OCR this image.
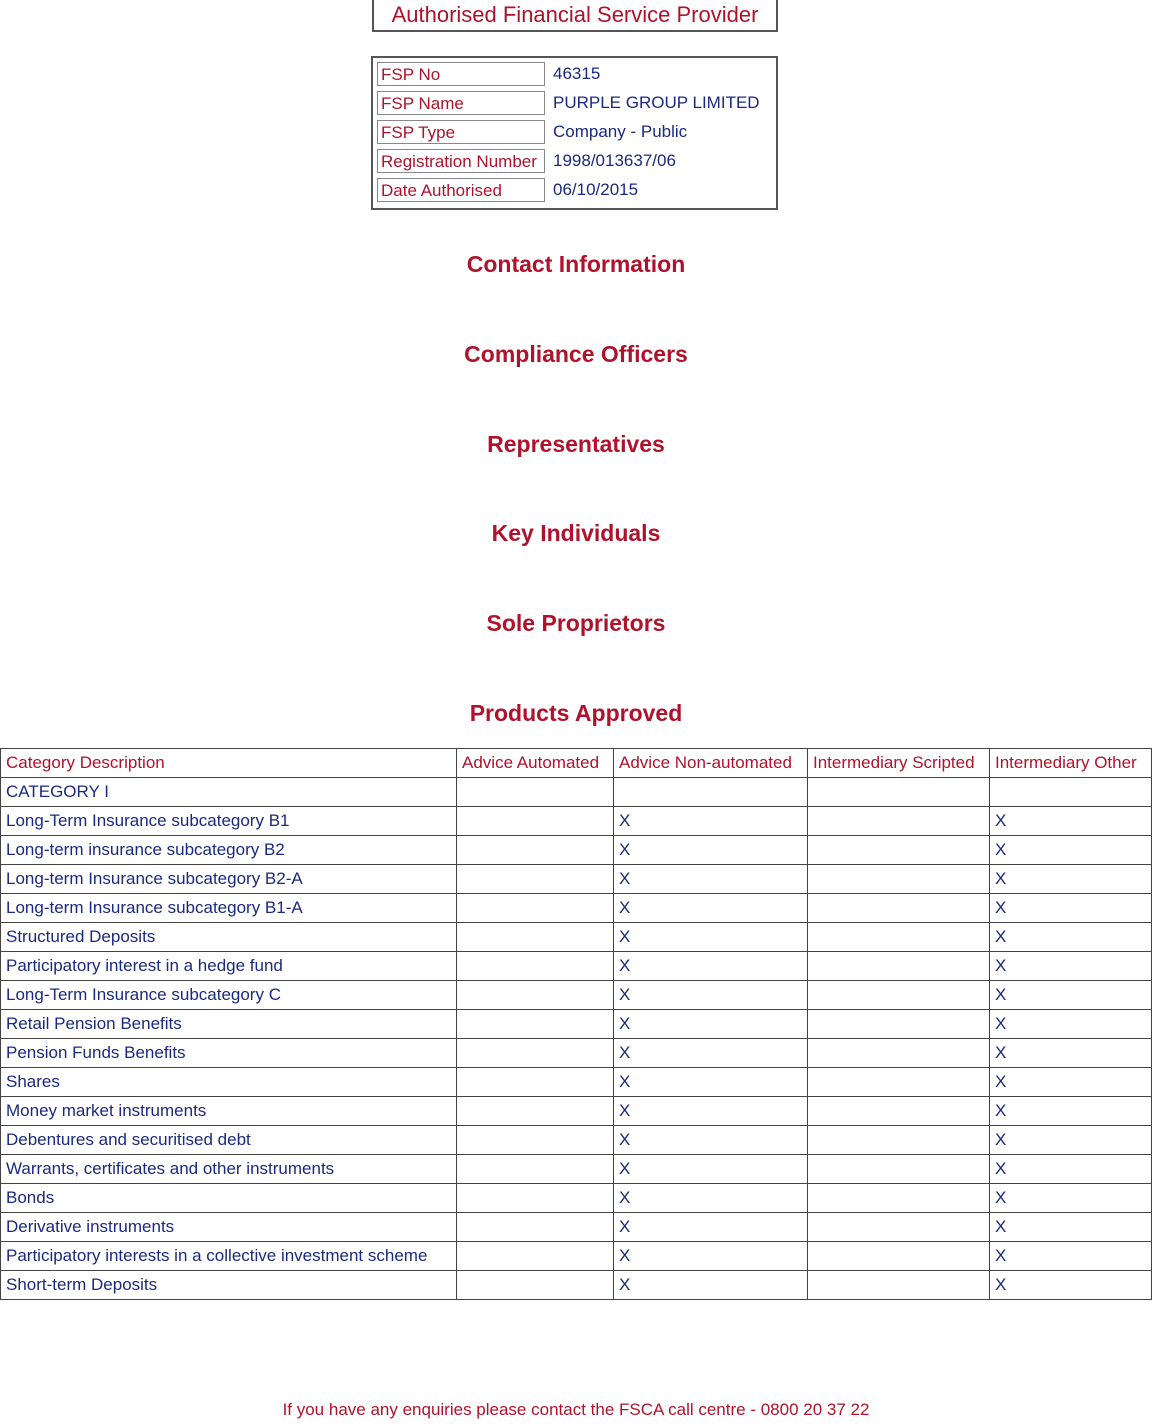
Authorised Financial Service Provider
FSP No	46315
FSP Name	PURPLE GROUP LIMITED
FSP Type	Company - Public
Registration Number 1998/013637/06
Date Authorised	06/10/2015
Contact Information
Compliance Officers
Representatives
Key Individuals
Sole Proprietors
Products Approved
Category Description	Advice Automated	Advice Non-automated	Intermediary Scripted	Intermediary Other
CATEGORY I				
Long-Term Insurance subcategory B1		X		X
Long-term insurance subcategory B2		X		X
Long-term Insurance subcategory B2-A		X		X
Long-term Insurance subcategory B1-A		X		X
Structured Deposits		X		X
Participatory interest in a hedge fund		X		X
Long-Term Insurance subcategory C		X		X
Retail Pension Benefits		X		X
Pension Funds Benefits		X		X
Shares		X		X
Money market instruments		X		X
Debentures and securitised debt		X		X
Warrants, certificates and other instruments		X		X
Bonds		X		X
Derivative instruments		X		X
Participatory interests in a collective investment scheme		X		X
Short-term Deposits		X		X
If you have any enquiries please contact the FSCA call centre - 0800 20 37 22
